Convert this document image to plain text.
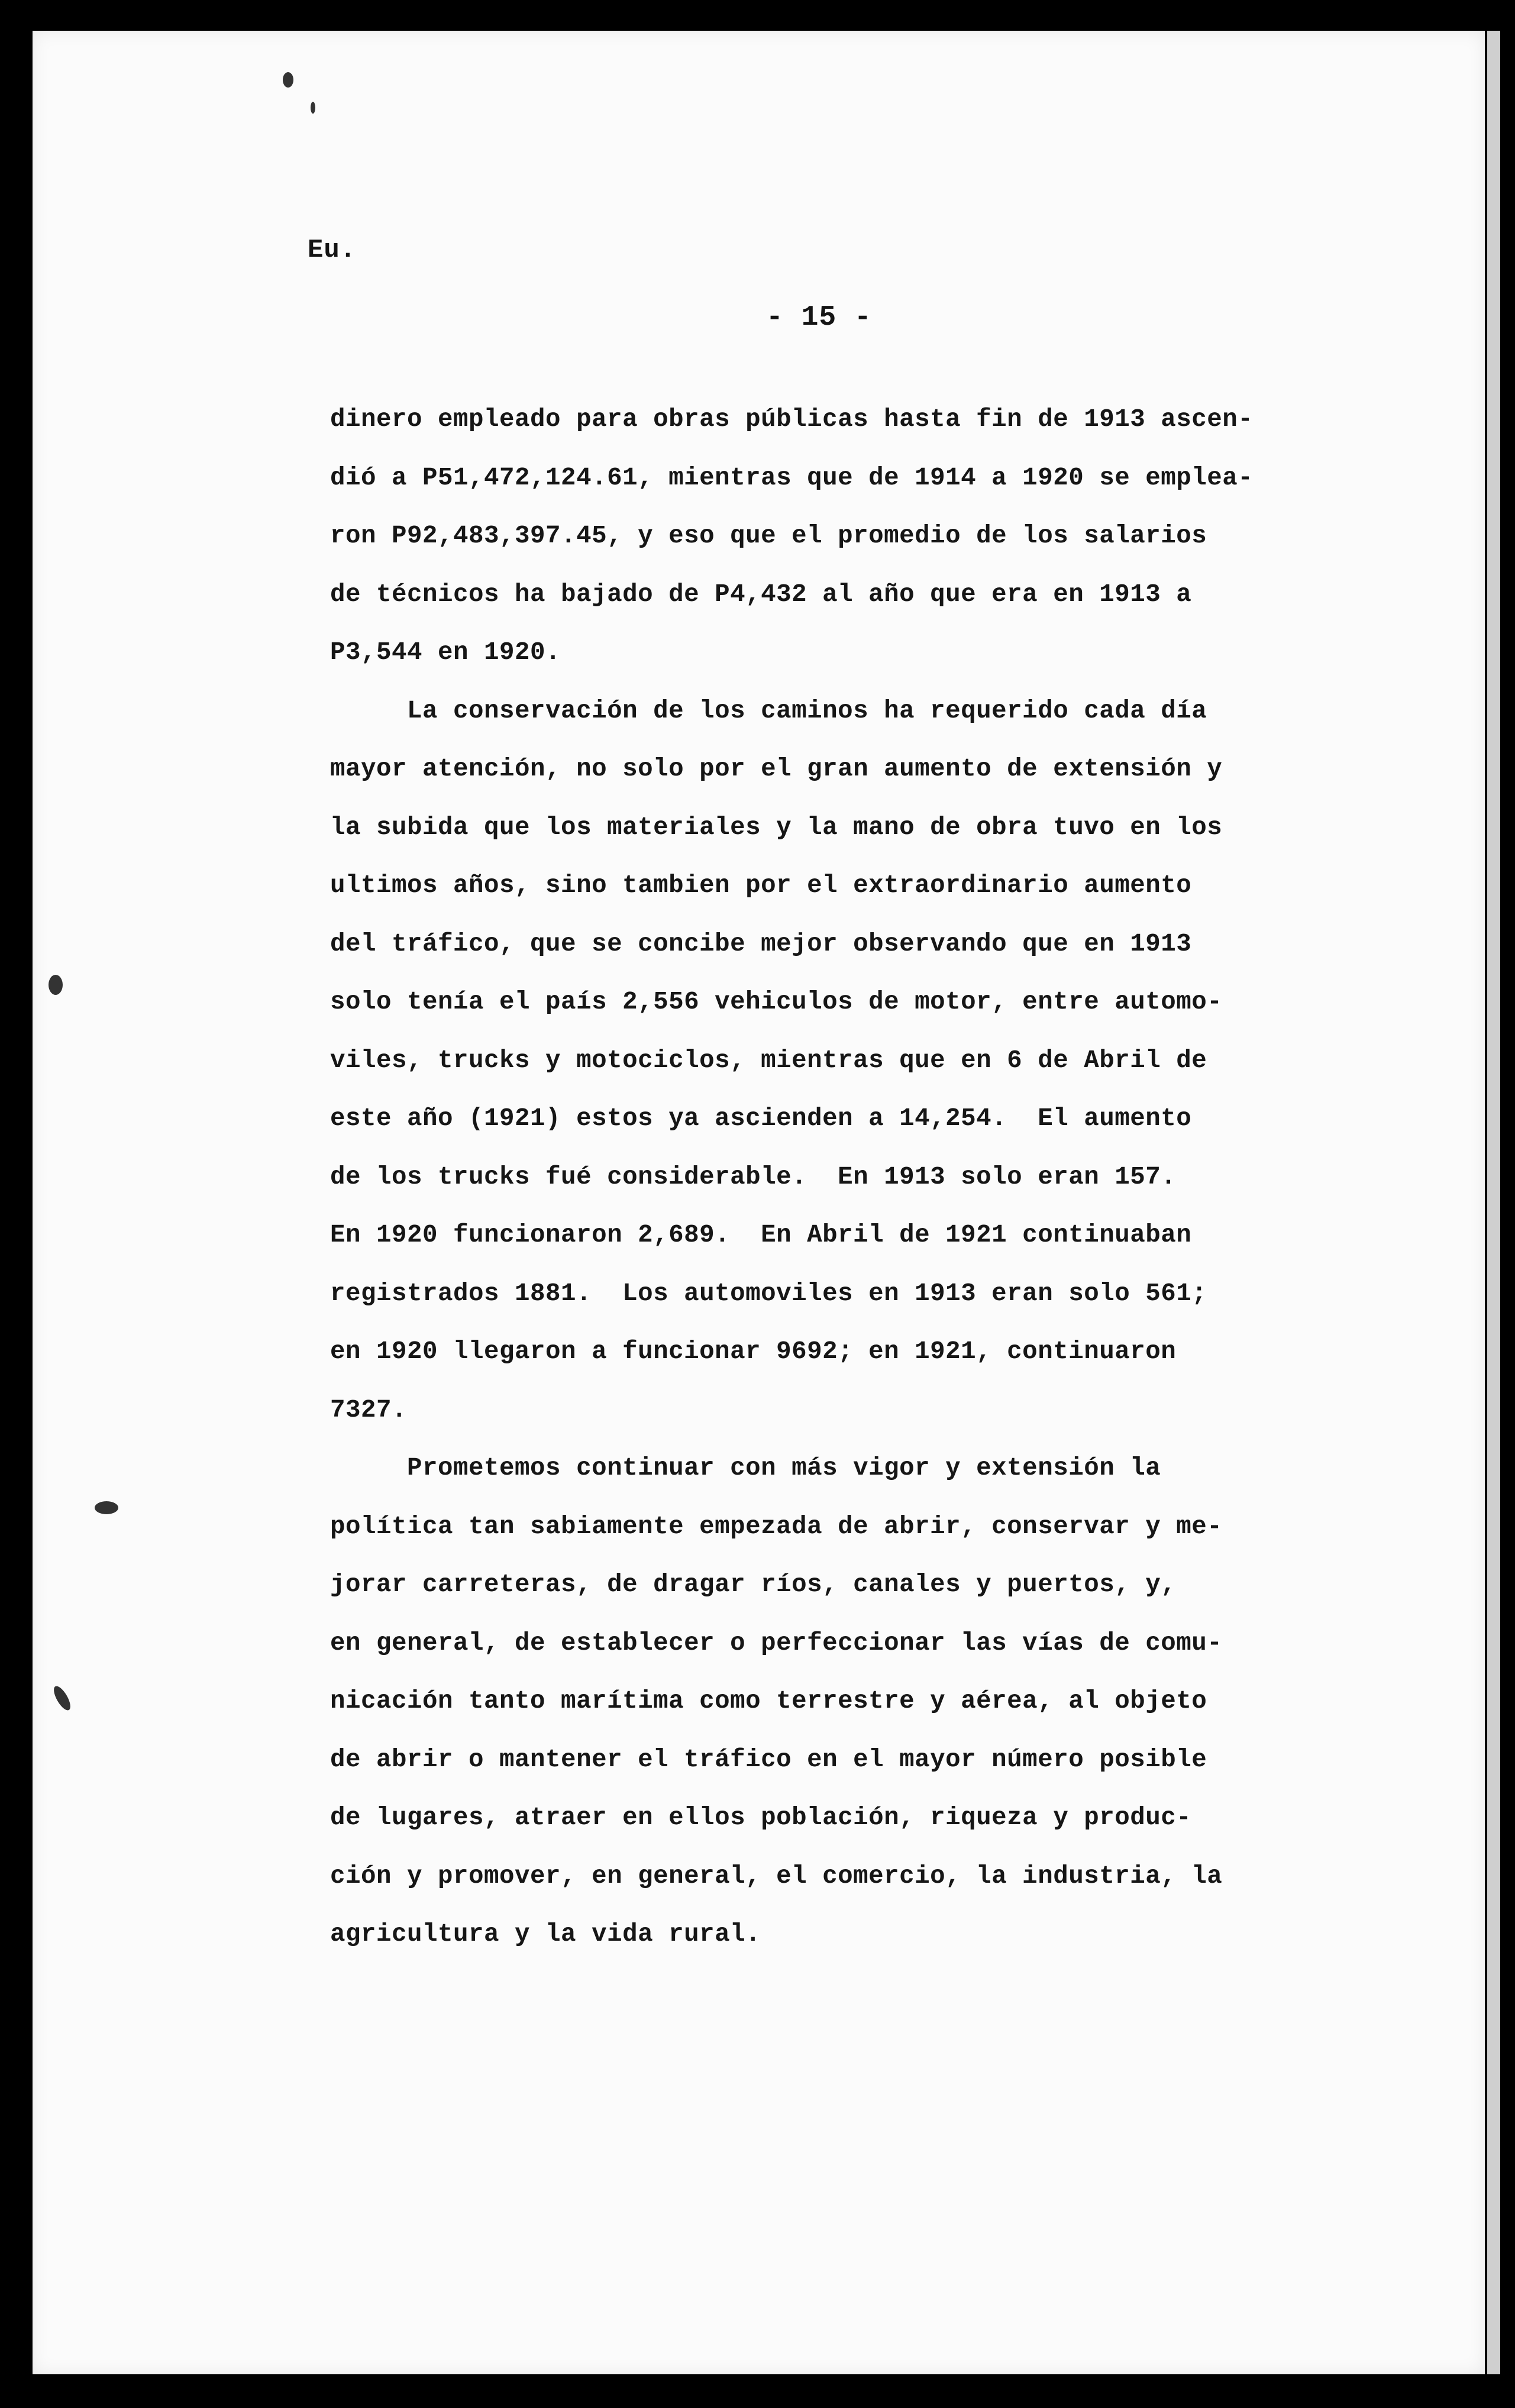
Eu.
- 15 -
dinero empleado para obras públicas hasta fin de 1913 ascen-
dió a P51,472,124.61, mientras que de 1914 a 1920 se emplea-
ron P92,483,397.45, y eso que el promedio de los salarios
de técnicos ha bajado de P4,432 al año que era en 1913 a
P3,544 en 1920.
La conservación de los caminos ha requerido cada día
mayor atención, no solo por el gran aumento de extensión y
la subida que los materiales y la mano de obra tuvo en los
ultimos años, sino tambien por el extraordinario aumento
del tráfico, que se concibe mejor observando que en 1913
solo tenía el país 2,556 vehiculos de motor, entre automo-
viles, trucks y motociclos, mientras que en 6 de Abril de
este año (1921) estos ya ascienden a 14,254.  El aumento
de los trucks fué considerable.  En 1913 solo eran 157.
En 1920 funcionaron 2,689.  En Abril de 1921 continuaban
registrados 1881.  Los automoviles en 1913 eran solo 561;
en 1920 llegaron a funcionar 9692; en 1921, continuaron
7327.
Prometemos continuar con más vigor y extensión la
política tan sabiamente empezada de abrir, conservar y me-
jorar carreteras, de dragar ríos, canales y puertos, y,
en general, de establecer o perfeccionar las vías de comu-
nicación tanto marítima como terrestre y aérea, al objeto
de abrir o mantener el tráfico en el mayor número posible
de lugares, atraer en ellos población, riqueza y produc-
ción y promover, en general, el comercio, la industria, la
agricultura y la vida rural.
